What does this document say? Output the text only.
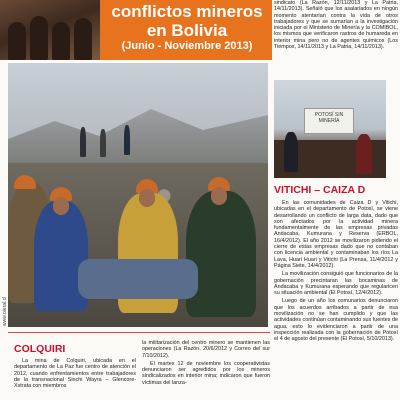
conflictos mineros en Bolivia
(Junio - Noviembre 2013)
www.oieral.cl
sindicato (La Razón, 12/11/2013 y La Patria, 14/11/2013). Señaló que los asalariados en ningún momento atentarían contra la vida de otros trabajadores y que se sumarían a la investigación iniciada por el Ministerio de Minería y la COMIBOL, los mismos que verificaron rastros de humareda en interior mina pero no de agentes químicos (Los Tiempos, 14/11/2013 y La Patria, 14/11/2013).
POTOSÍ SIN MINERÍA
VITICHI – CAIZA D

En las comunidades de Caiza D y Vitichi, ubicadas en el departamento de Potosí, se viene desarrollando un conflicto de larga data, dado que son afectados por la actividad minera fundamentalmente de las empresas privadas Andacaba, Kumurana y Reserva (ERBOL, 16/4/2012). El año 2012 se movilizaron pidiendo el cierre de estas empresas dado que no contaban con licencia ambiental y contaminaban los ríos La Lava, Huari Huari y Vitichi (La Prensa, 11/4/2012 y Página Siete, 14/4/2012).

La movilización consiguió que funcionarios de la gobernación precintaran las bocaminas de Andacaba y Kumurana esperando que regularicen su situación ambiental (El Potosí, 12/4/2012).

Luego de un año los comunarios denunciaron que los acuerdos arribados a partir de esa movilización no se han cumplido y que las actividades continúan contaminando sus fuentes de agua, esto lo evidenciaron a partir de una inspección realizada con la gobernación de Potosí el 4 de agosto del presente (El Potosí, 5/10/2013).

COLQUIRI

La mina de Colquiri, ubicada en el departamento de La Paz fue centro de atención el 2012, cuando enfrentamientos entre trabajadores de la transnacional Sinchi Wayra – Glencore-Xstrata con miembros

la militarización del centro minero se mantienen las operaciones (La Razón, 20/6/2012 y Correo del sur 7/10/2012).

El martes 12 de noviembre los cooperativistas denunciaron ser agredidos por los mineros sindicalizados en interior mina; indicaron que fueron víctimas del lanza-
